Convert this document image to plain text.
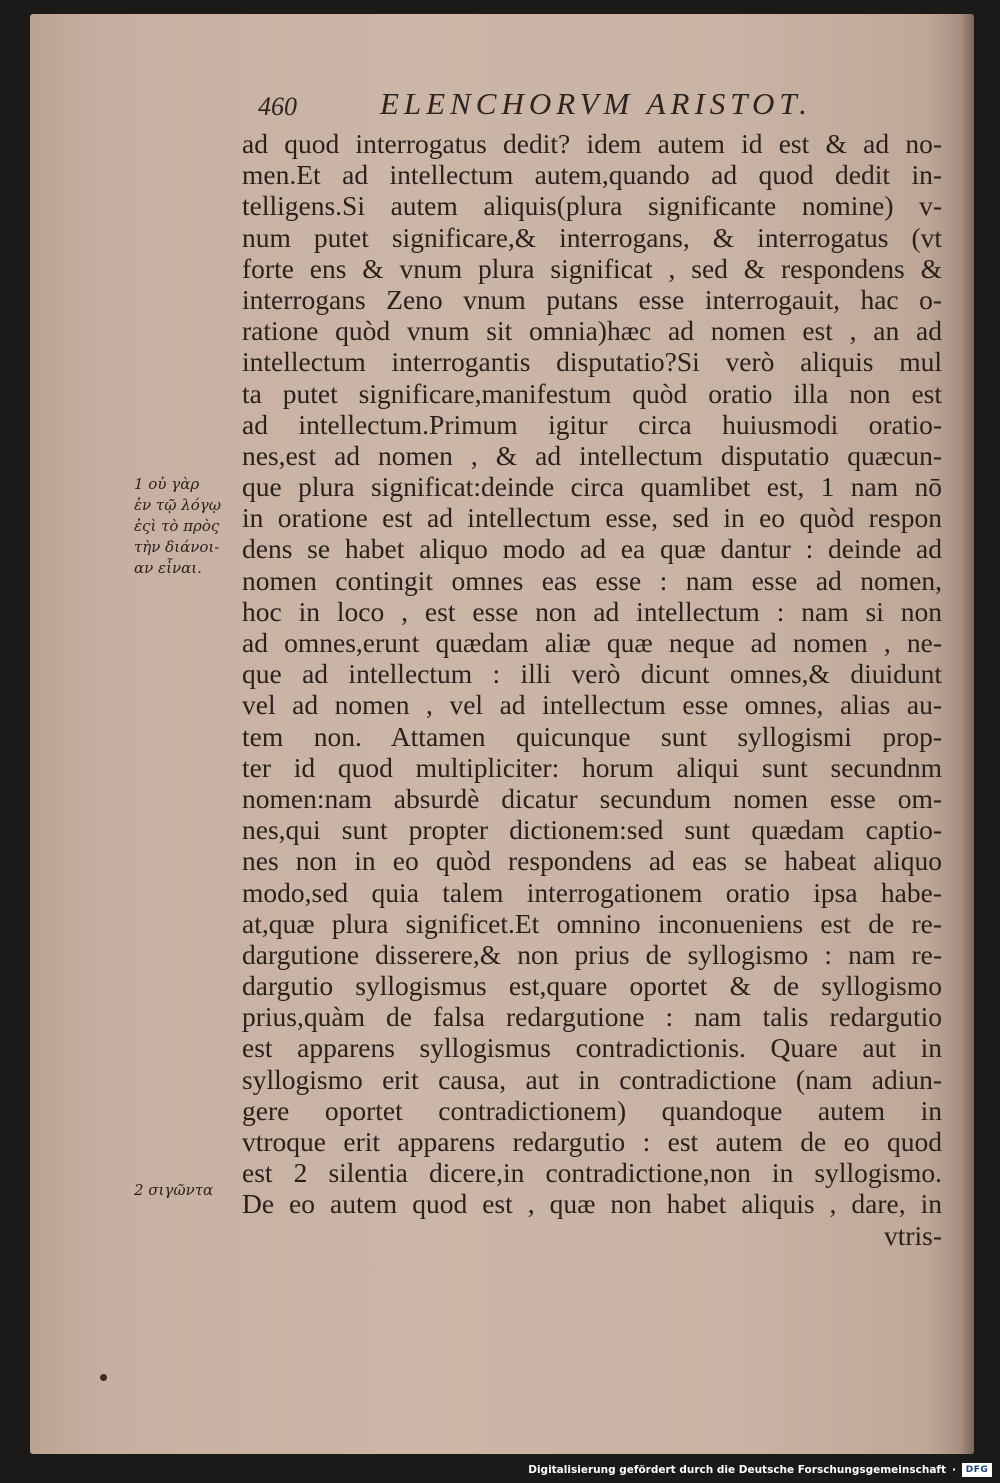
460	ELENCHORVM ARISTOT.
1 οὐ γὰρ
ἐν τῷ λόγῳ
ἐςὶ τὸ πρὸς
τὴν διάνοι-
αν εἶναι.
2 σιγῶντα
ad quod interrogatus dedit? idem autem id est & ad no-
men.Et ad intellectum autem,quando ad quod dedit in-
telligens.Si autem aliquis(plura significante nomine) v-
num putet significare,& interrogans, & interrogatus (vt
forte ens & vnum plura significat , sed & respondens &
interrogans Zeno vnum putans esse interrogauit, hac o-
ratione quòd vnum sit omnia)hæc ad nomen est , an ad
intellectum interrogantis disputatio?Si verò aliquis mul
ta putet significare,manifestum quòd oratio illa non est
ad intellectum.Primum igitur circa huiusmodi oratio-
nes,est ad nomen , & ad intellectum disputatio quæcun-
que plura significat:deinde circa quamlibet est, 1 nam nō
in oratione est ad intellectum esse, sed in eo quòd respon
dens se habet aliquo modo ad ea quæ dantur : deinde ad
nomen contingit omnes eas esse : nam esse ad nomen,
hoc in loco , est esse non ad intellectum : nam si non
ad omnes,erunt quædam aliæ quæ neque ad nomen , ne-
que ad intellectum : illi verò dicunt omnes,& diuidunt
vel ad nomen , vel ad intellectum esse omnes, alias au-
tem non. Attamen quicunque sunt syllogismi prop-
ter id quod multipliciter: horum aliqui sunt secundnm
nomen:nam absurdè dicatur secundum nomen esse om-
nes,qui sunt propter dictionem:sed sunt quædam captio-
nes non in eo quòd respondens ad eas se habeat aliquo
modo,sed quia talem interrogationem oratio ipsa habe-
at,quæ plura significet.Et omnino inconueniens est de re-
dargutione disserere,& non prius de syllogismo : nam re-
dargutio syllogismus est,quare oportet & de syllogismo
prius,quàm de falsa redargutione : nam talis redargutio
est apparens syllogismus contradictionis. Quare aut in
syllogismo erit causa, aut in contradictione (nam adiun-
gere oportet contradictionem) quandoque autem in
vtroque erit apparens redargutio : est autem de eo quod
est 2 silentia dicere,in contradictione,non in syllogismo.
De eo autem quod est , quæ non habet aliquis , dare, in
vtris-
Digitalisierung gefördert durch die Deutsche Forschungsgemeinschaft ·	DFG
